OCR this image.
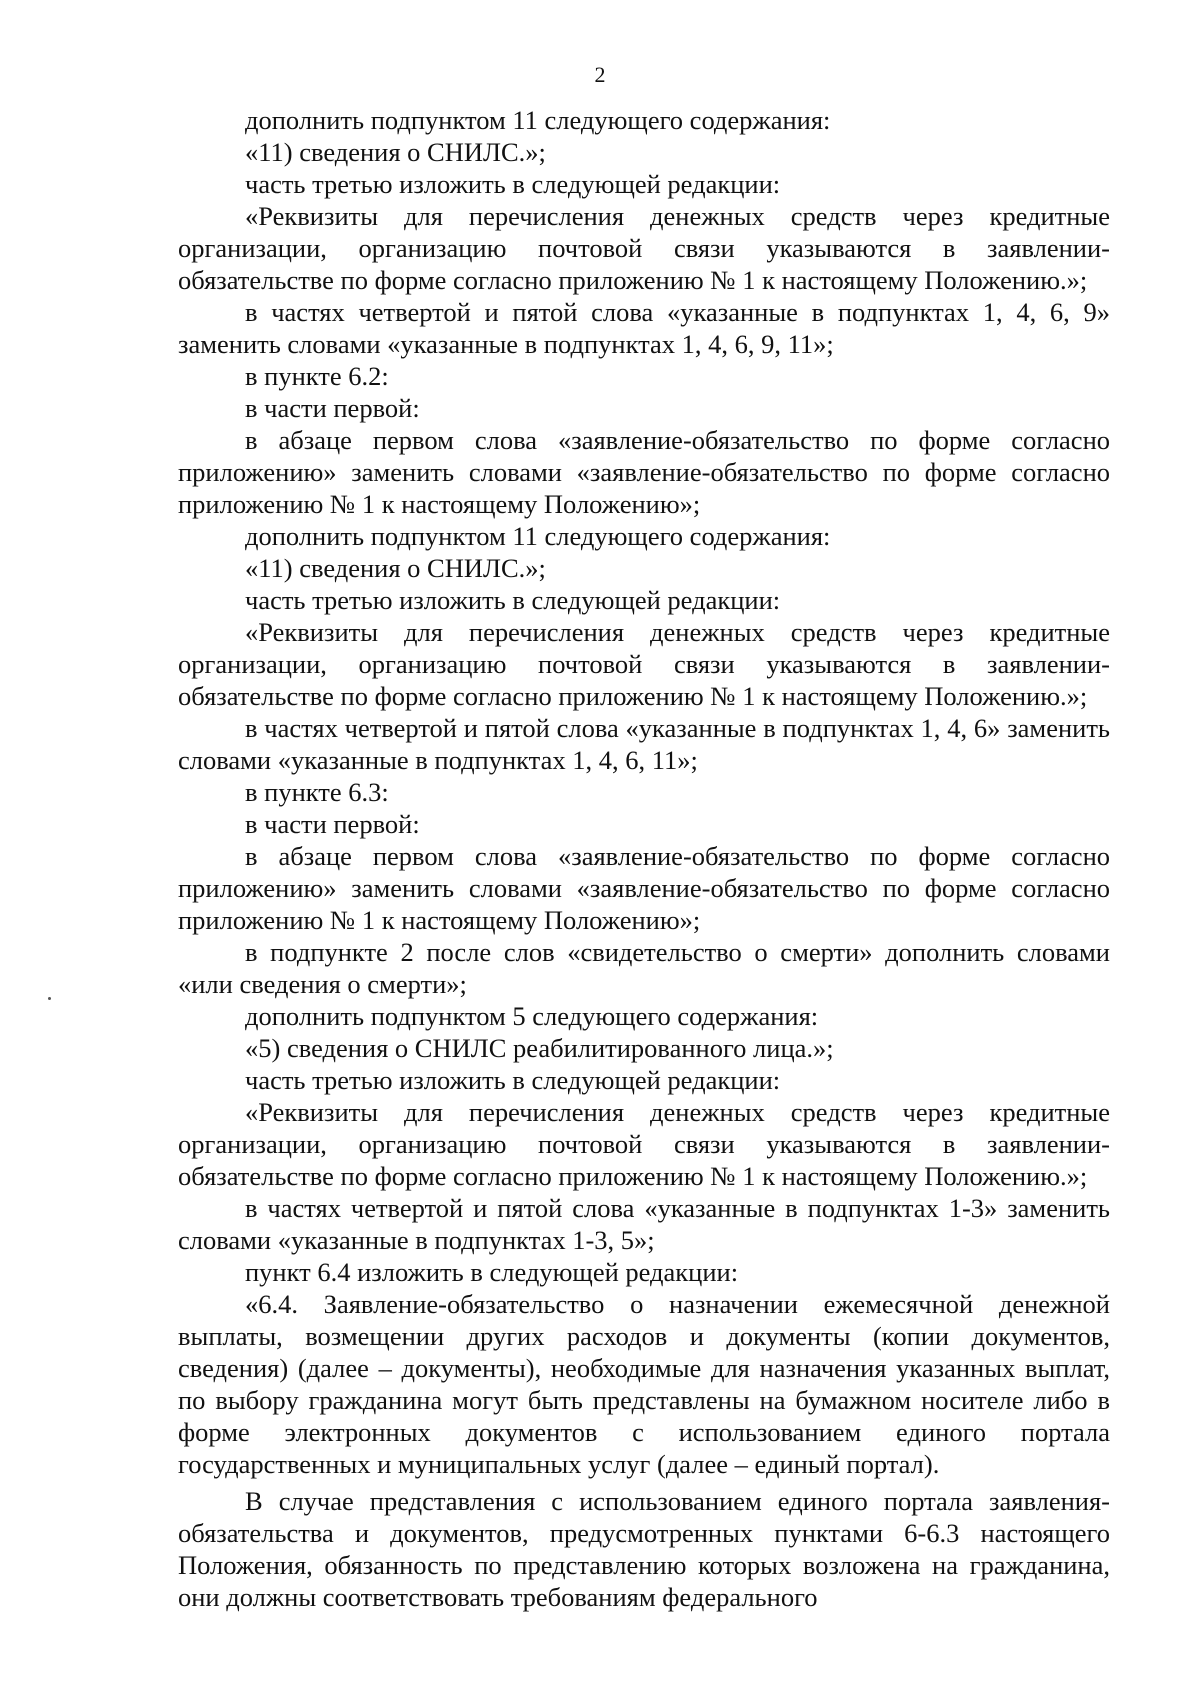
2

дополнить подпунктом 11 следующего содержания:

«11) сведения о СНИЛС.»;

часть третью изложить в следующей редакции:

«Реквизиты для перечисления денежных средств через кредитные организации, организацию почтовой связи указываются в заявлении-обязательстве по форме согласно приложению № 1 к настоящему Положению.»;

в частях четвертой и пятой слова «указанные в подпунктах 1, 4, 6, 9» заменить словами «указанные в подпунктах 1, 4, 6, 9, 11»;

в пункте 6.2:

в части первой:

в абзаце первом слова «заявление-обязательство по форме согласно приложению» заменить словами «заявление-обязательство по форме согласно приложению № 1 к настоящему Положению»;

дополнить подпунктом 11 следующего содержания:

«11) сведения о СНИЛС.»;

часть третью изложить в следующей редакции:

«Реквизиты для перечисления денежных средств через кредитные организации, организацию почтовой связи указываются в заявлении-обязательстве по форме согласно приложению № 1 к настоящему Положению.»;

в частях четвертой и пятой слова «указанные в подпунктах 1, 4, 6» заменить словами «указанные в подпунктах 1, 4, 6, 11»;

в пункте 6.3:

в части первой:

в абзаце первом слова «заявление-обязательство по форме согласно приложению» заменить словами «заявление-обязательство по форме согласно приложению № 1 к настоящему Положению»;

в подпункте 2 после слов «свидетельство о смерти» дополнить словами «или сведения о смерти»;

дополнить подпунктом 5 следующего содержания:

«5) сведения о СНИЛС реабилитированного лица.»;

часть третью изложить в следующей редакции:

«Реквизиты для перечисления денежных средств через кредитные организации, организацию почтовой связи указываются в заявлении-обязательстве по форме согласно приложению № 1 к настоящему Положению.»;

в частях четвертой и пятой слова «указанные в подпунктах 1-3» заменить словами «указанные в подпунктах 1-3, 5»;

пункт 6.4 изложить в следующей редакции:

«6.4. Заявление-обязательство о назначении ежемесячной денежной выплаты, возмещении других расходов и документы (копии документов, сведения) (далее – документы), необходимые для назначения указанных выплат, по выбору гражданина могут быть представлены на бумажном носителе либо в форме электронных документов с использованием единого портала государственных и муниципальных услуг (далее – единый портал).

В случае представления с использованием единого портала заявления-обязательства и документов, предусмотренных пунктами 6-6.3 настоящего Положения, обязанность по представлению которых возложена на гражданина, они должны соответствовать требованиям федерального
